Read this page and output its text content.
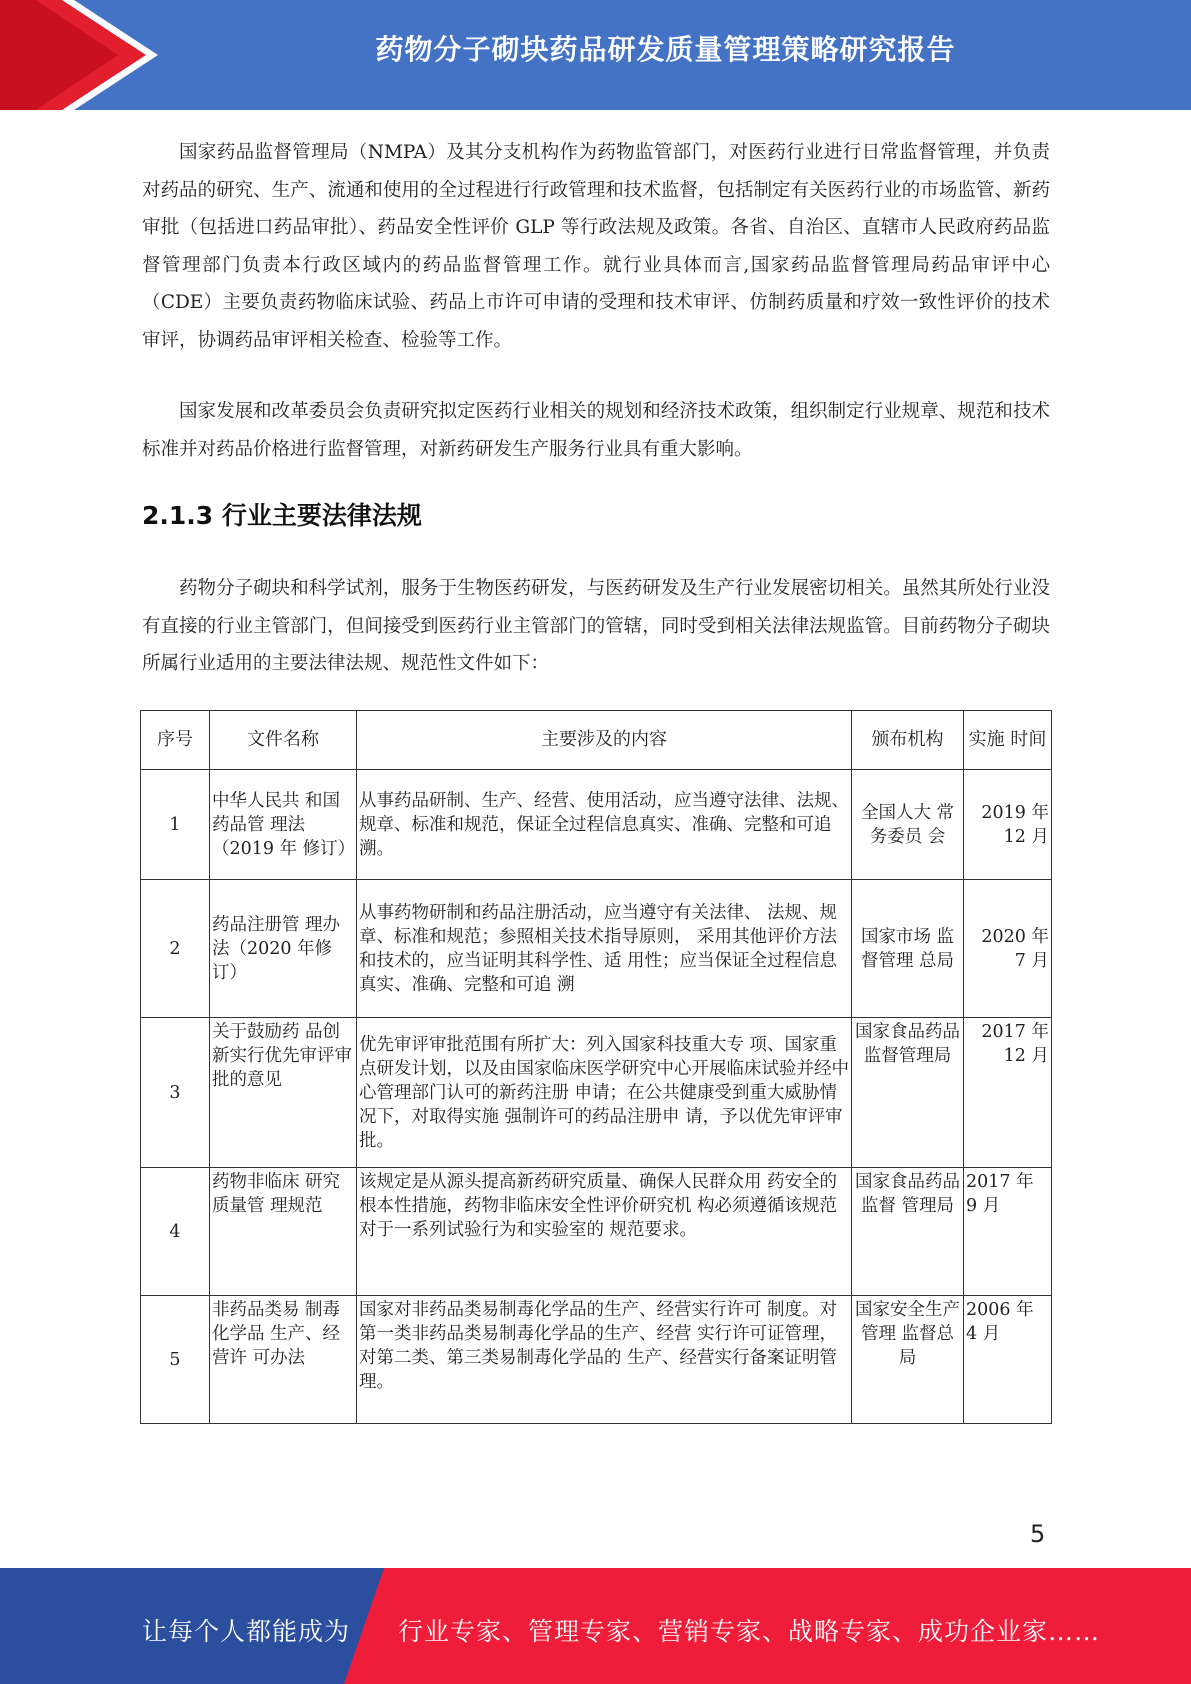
药物分子砌块药品研发质量管理策略研究报告

国家药品监督管理局（NMPA）及其分支机构作为药物监管部门，对医药行业进行日常监督管理，并负责对药品的研究、生产、流通和使用的全过程进行行政管理和技术监督，包括制定有关医药行业的市场监管、新药审批（包括进口药品审批）、药品安全性评价 GLP 等行政法规及政策。各省、自治区、直辖市人民政府药品监督管理部门负责本行政区域内的药品监督管理工作。就行业具体而言,国家药品监督管理局药品审评中心（CDE）主要负责药物临床试验、药品上市许可申请的受理和技术审评、仿制药质量和疗效一致性评价的技术审评，协调药品审评相关检查、检验等工作。

国家发展和改革委员会负责研究拟定医药行业相关的规划和经济技术政策，组织制定行业规章、规范和技术标准并对药品价格进行监督管理，对新药研发生产服务行业具有重大影响。

2.1.3 行业主要法律法规

药物分子砌块和科学试剂，服务于生物医药研发，与医药研发及生产行业发展密切相关。虽然其所处行业没有直接的行业主管部门，但间接受到医药行业主管部门的管辖，同时受到相关法律法规监管。目前药物分子砌块所属行业适用的主要法律法规、规范性文件如下：

序号	文件名称	主要涉及的内容	颁布机构	实施 时间
1	中华人民共 和国药品管 理法（2019 年 修订）	从事药品研制、生产、经营、使用活动，应当遵守法律、法规、规章、标准和规范，保证全过程信息真实、准确、完整和可追溯。	全国人大 常务委员 会	2019 年 12 月
2	药品注册管 理办法（2020 年修订）	从事药物研制和药品注册活动，应当遵守有关法律、 法规、规章、标准和规范；参照相关技术指导原则， 采用其他评价方法和技术的，应当证明其科学性、适 用性；应当保证全过程信息真实、准确、完整和可追 溯	国家市场 监督管理 总局	2020 年 7 月
3	关于鼓励药 品创新实行优先审评审 批的意见	优先审评审批范围有所扩大：列入国家科技重大专 项、国家重点研发计划，以及由国家临床医学研究中心开展临床试验并经中心管理部门认可的新药注册 申请；在公共健康受到重大威胁情况下，对取得实施 强制许可的药品注册申 请，予以优先审评审批。	国家食品药品监督管理局	2017 年 12 月
4	药物非临床 研究质量管 理规范	该规定是从源头提高新药研究质量、确保人民群众用 药安全的根本性措施，药物非临床安全性评价研究机 构必须遵循该规范对于一系列试验行为和实验室的 规范要求。	国家食品药品监督 管理局	2017 年 9 月
5	非药品类易 制毒化学品 生产、经营许 可办法	国家对非药品类易制毒化学品的生产、经营实行许可 制度。对第一类非药品类易制毒化学品的生产、经营 实行许可证管理，对第二类、第三类易制毒化学品的 生产、经营实行备案证明管理。	国家安全生产管理 监督总局	2006 年 4 月
5
让每个人都能成为 行业专家、管理专家、营销专家、战略专家、成功企业家……
